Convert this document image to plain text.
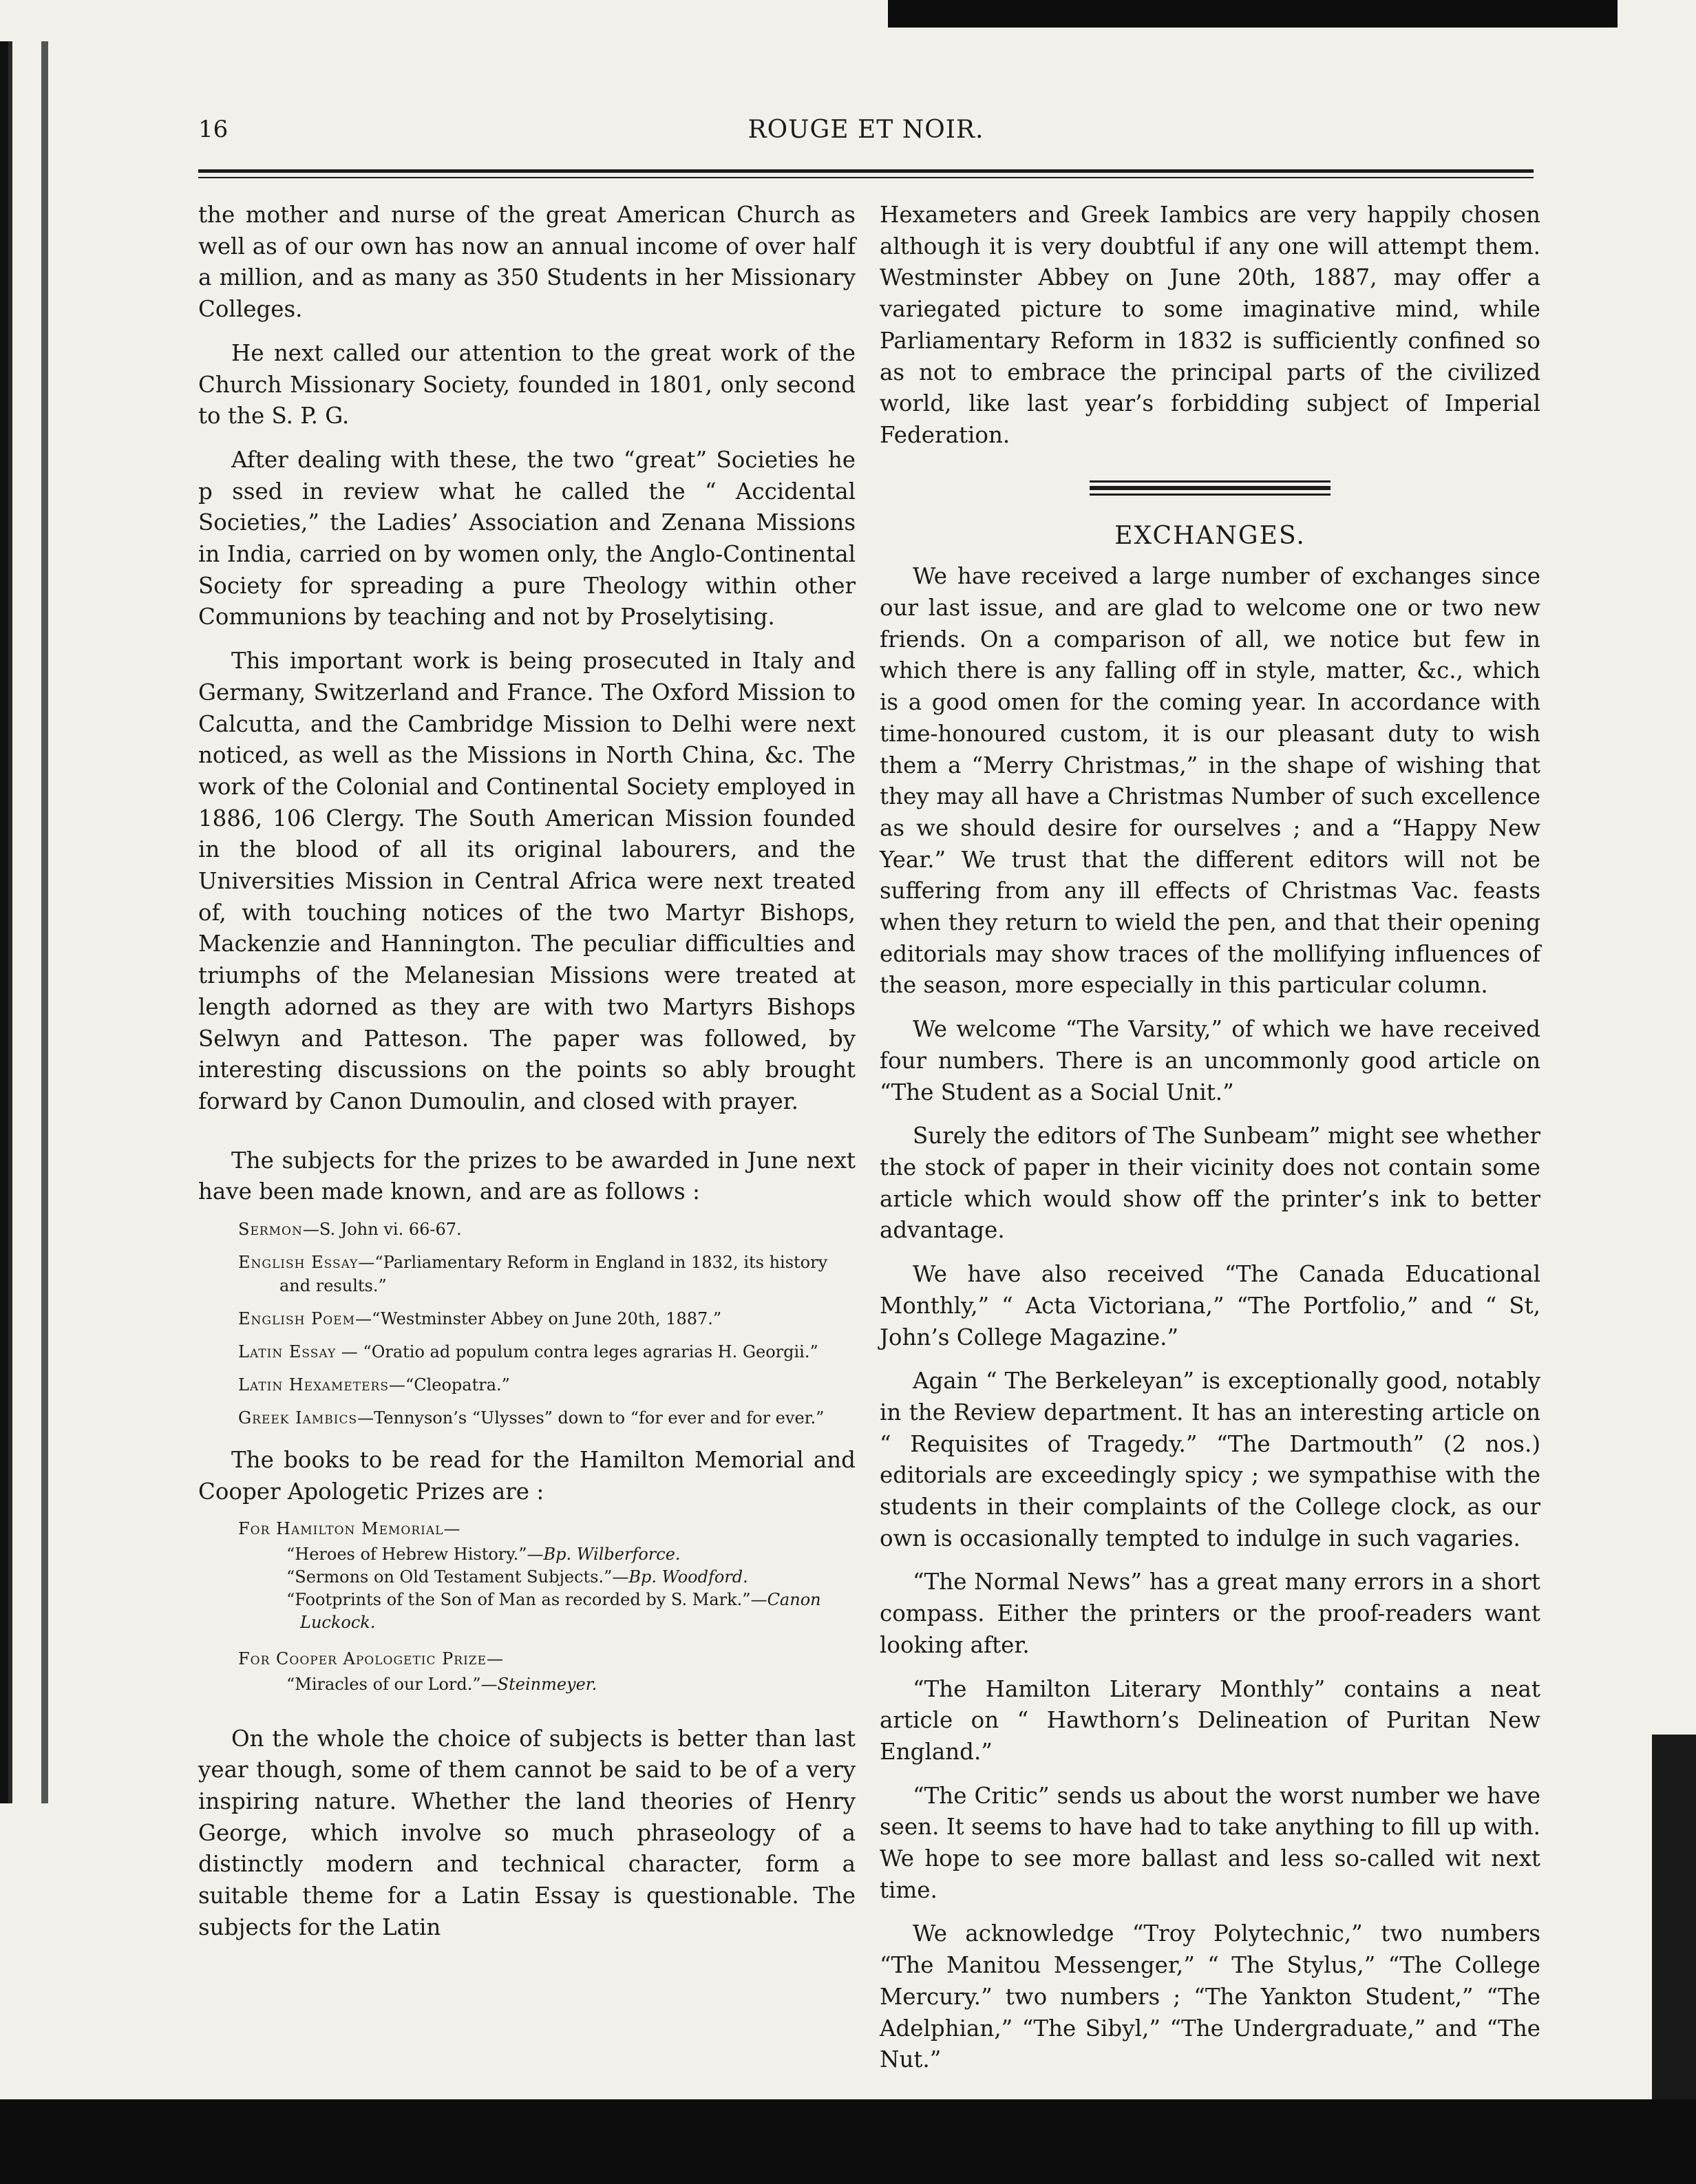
16	ROUGE ET NOIR.

the mother and nurse of the great American Church as well as of our own has now an annual income of over half a million, and as many as 350 Students in her Missionary Colleges.

He next called our attention to the great work of the Church Missionary Society, founded in 1801, only second to the S. P. G.

After dealing with these, the two “great” Societies he p ssed in review what he called the “ Accidental Societies,” the Ladies’ Association and Zenana Missions in India, carried on by women only, the Anglo-Continental Society for spreading a pure Theology within other Communions by teaching and not by Proselytising.

This important work is being prosecuted in Italy and Germany, Switzerland and France. The Oxford Mission to Calcutta, and the Cambridge Mission to Delhi were next noticed, as well as the Missions in North China, &c. The work of the Colonial and Continental Society employed in 1886, 106 Clergy. The South American Mission founded in the blood of all its original labourers, and the Universities Mission in Central Africa were next treated of, with touching notices of the two Martyr Bishops, Mackenzie and Hannington. The peculiar difficulties and triumphs of the Melanesian Missions were treated at length adorned as they are with two Martyrs Bishops Selwyn and Patteson. The paper was followed, by interesting discussions on the points so ably brought forward by Canon Dumoulin, and closed with prayer.

The subjects for the prizes to be awarded in June next have been made known, and are as follows :

Sermon—S. John vi. 66-67.
English Essay—“Parliamentary Reform in England in 1832, its history and results.”
English Poem—“Westminster Abbey on June 20th, 1887.”
Latin Essay — “Oratio ad populum contra leges agrarias H. Georgii.”
Latin Hexameters—“Cleopatra.”
Greek Iambics—Tennyson’s “Ulysses” down to “for ever and for ever.”

The books to be read for the Hamilton Memorial and Cooper Apologetic Prizes are :

For Hamilton Memorial—
“Heroes of Hebrew History.”—Bp. Wilberforce.
“Sermons on Old Testament Subjects.”—Bp. Woodford.
“Footprints of the Son of Man as recorded by S. Mark.”—Canon Luckock.
For Cooper Apologetic Prize—
“Miracles of our Lord.”—Steinmeyer.

On the whole the choice of subjects is better than last year though, some of them cannot be said to be of a very inspiring nature. Whether the land theories of Henry George, which involve so much phraseology of a distinctly modern and technical character, form a suitable theme for a Latin Essay is questionable. The subjects for the Latin

Hexameters and Greek Iambics are very happily chosen although it is very doubtful if any one will attempt them. Westminster Abbey on June 20th, 1887, may offer a variegated picture to some imaginative mind, while Parliamentary Reform in 1832 is sufficiently confined so as not to embrace the principal parts of the civilized world, like last year’s forbidding subject of Imperial Federation.

EXCHANGES.

We have received a large number of exchanges since our last issue, and are glad to welcome one or two new friends. On a comparison of all, we notice but few in which there is any falling off in style, matter, &c., which is a good omen for the coming year. In accordance with time-honoured custom, it is our pleasant duty to wish them a “Merry Christmas,” in the shape of wishing that they may all have a Christmas Number of such excellence as we should desire for ourselves ; and a “Happy New Year.” We trust that the different editors will not be suffering from any ill effects of Christmas Vac. feasts when they return to wield the pen, and that their opening editorials may show traces of the mollifying influences of the season, more especially in this particular column.

We welcome “The Varsity,” of which we have received four numbers. There is an uncommonly good article on “The Student as a Social Unit.”

Surely the editors of The Sunbeam” might see whether the stock of paper in their vicinity does not contain some article which would show off the printer’s ink to better advantage.

We have also received “The Canada Educational Monthly,” “ Acta Victoriana,” “The Portfolio,” and “ St, John’s College Magazine.”

Again “ The Berkeleyan” is exceptionally good, notably in the Review department. It has an interesting article on “ Requisites of Tragedy.” “The Dartmouth” (2 nos.) editorials are exceedingly spicy ; we sympathise with the students in their complaints of the College clock, as our own is occasionally tempted to indulge in such vagaries.

“The Normal News” has a great many errors in a short compass. Either the printers or the proof-readers want looking after.

“The Hamilton Literary Monthly” contains a neat article on “ Hawthorn’s Delineation of Puritan New England.”

“The Critic” sends us about the worst number we have seen. It seems to have had to take anything to fill up with. We hope to see more ballast and less so-called wit next time.

We acknowledge “Troy Polytechnic,” two numbers “The Manitou Messenger,” “ The Stylus,” “The College Mercury.” two numbers ; “The Yankton Student,” “The Adelphian,” “The Sibyl,” “The Undergraduate,” and “The Nut.”
